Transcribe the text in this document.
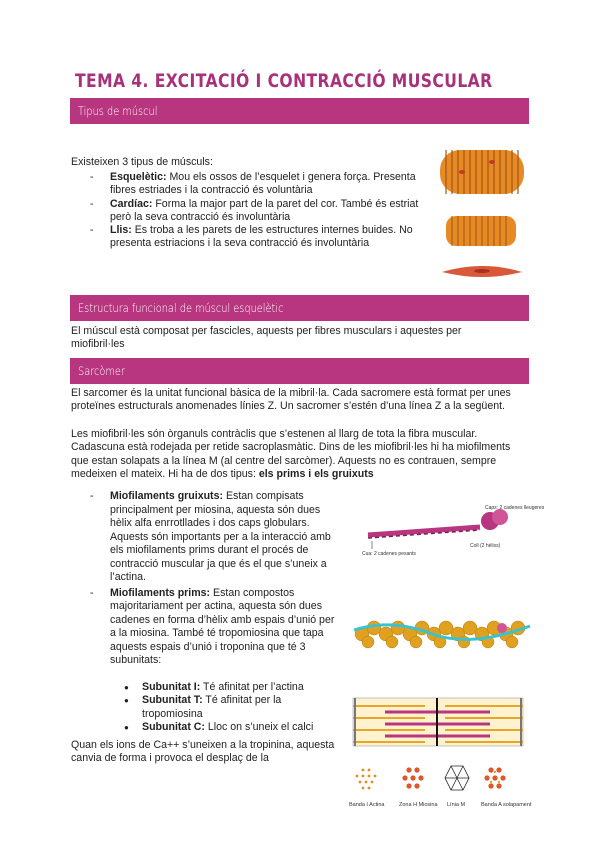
TEMA 4. EXCITACIÓ I CONTRACCIÓ MUSCULAR
Tipus de múscul
Existeixen 3 tipus de músculs:
- Esquelètic: Mou els ossos de l’esquelet i genera força. Presenta fibres estriades i la contracció és voluntària
- Cardíac: Forma la major part de la paret del cor. També és estriat però la seva contracció és involuntària
- Llis: Es troba a les parets de les estructures internes buides. No presenta estriacions i la seva contracció és involuntària
Estructura funcional de múscul esquelètic
El múscul està composat per fascicles, aquests per fibres musculars i aquestes per miofibril·les
Sarcòmer
El sarcomer és la unitat funcional bàsica de la mibril·la. Cada sacromere està format per unes proteïnes estructurals anomenades línies Z. Un sacromer s’estén d’una línea Z a la següent.
Les miofibril·les són òrganuls contràclis que s’estenen al llarg de tota la fibra muscular. Cadascuna està rodejada per retide sacroplasmàtic. Dins de les miofibril·les hi ha miofilments que estan solapats a la línea M (al centre del sarcòmer). Aquests no es contrauen, sempre medeixen el mateix. Hi ha de dos tipus: els prims i els gruixuts
- Miofilaments gruixuts: Estan compisats principalment per miosina, aquesta són dues hèlix alfa enrrotllades i dos caps globulars. Aquests són importants per a la interacció amb els miofilaments prims durant el procés de contracció muscular ja que és el que s’uneix a l’actina.
- Miofilaments prims: Estan compostos majoritariament per actina, aquesta són dues cadenes en forma d’hèlix amb espais d’unió per a la miosina. També té tropomiosina que tapa aquests espais d’unió i troponina que té 3 subunitats:
● Subunitat I: Té afinitat per l’actina
● Subunitat T: Té afinitat per la tropomiosina
● Subunitat C: Lloc on s’uneix el calci
Quan els ions de Ca++ s’uneixen a la tropinina, aquesta canvia de forma i provoca el desplaç de la
Cua: 2 cadenes pesants
Coll (2 hèlixs)
Caps: 2 cadenes lleugeres
Banda I Actina	Zona H Miosina Línia M	Banda A solapament
